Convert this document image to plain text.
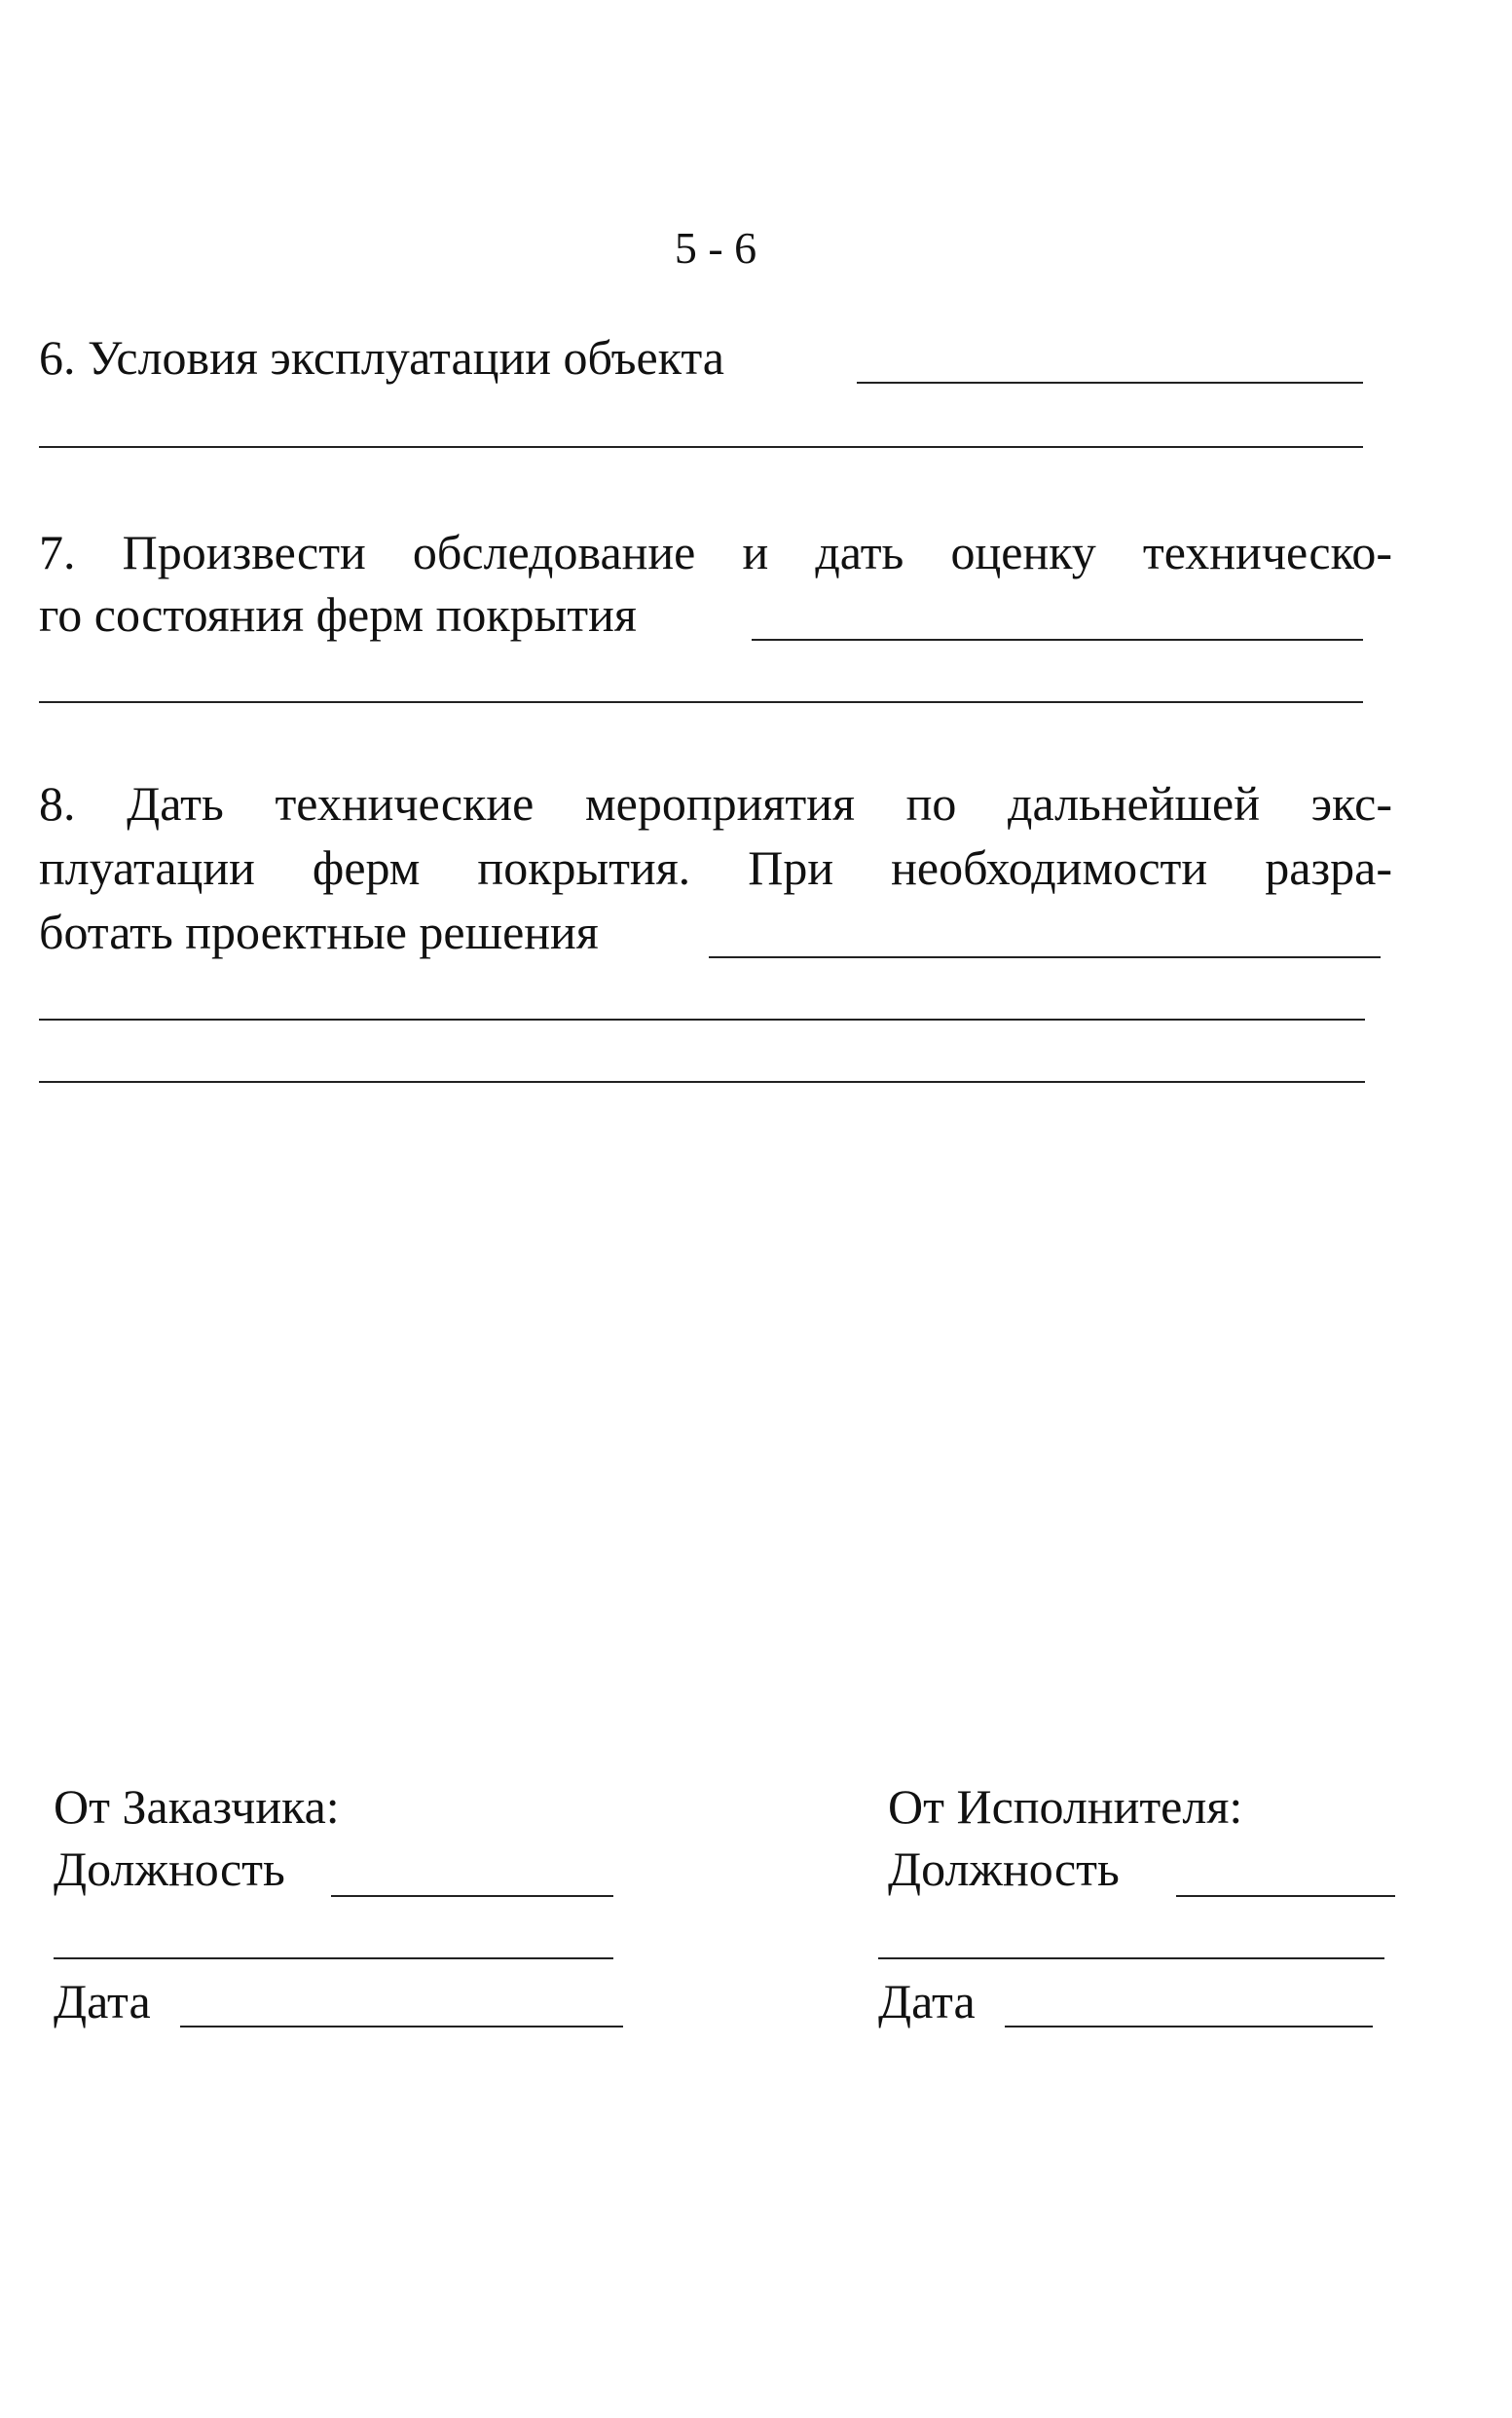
5 - 6
6. Условия эксплуатации объекта
7. Произвести обследование и дать оценку техническо-
го состояния ферм покрытия
8. Дать технические мероприятия по дальнейшей экс-
плуатации ферм покрытия. При необходимости разра-
ботать проектные решения
От Заказчика:
Должность
Дата
От Исполнителя:
Должность
Дата
